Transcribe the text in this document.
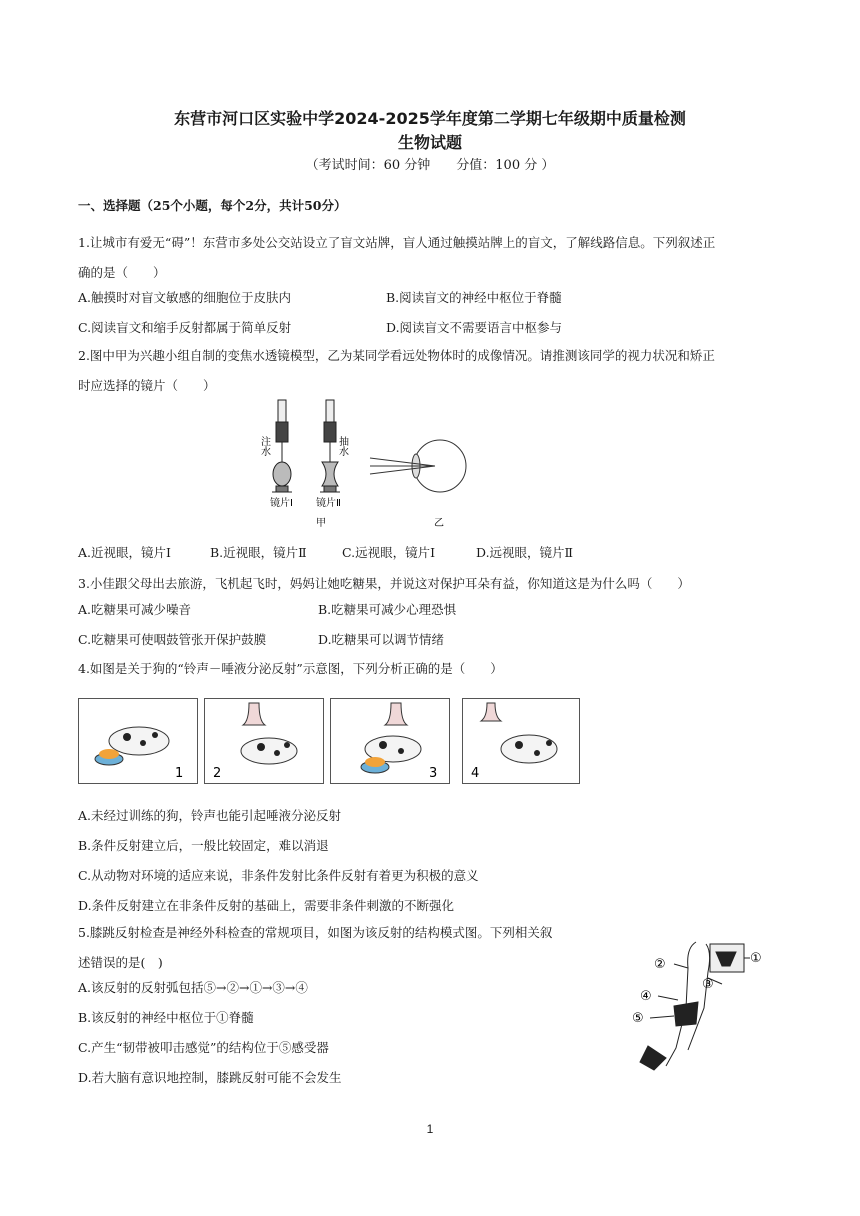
东营市河口区实验中学2024-2025学年度第二学期七年级期中质量检测
生物试题
（考试时间：60 分钟　　分值：100 分 ）
一、选择题（25个小题，每个2分，共计50分）
1.让城市有爱无“碍”！东营市多处公交站设立了盲文站牌，盲人通过触摸站牌上的盲文，了解线路信息。下列叙述正
确的是（　　）
A.触摸时对盲文敏感的细胞位于皮肤内	B.阅读盲文的神经中枢位于脊髓
C.阅读盲文和缩手反射都属于简单反射	D.阅读盲文不需要语言中枢参与
2.图中甲为兴趣小组自制的变焦水透镜模型，乙为某同学看远处物体时的成像情况。请推测该同学的视力状况和矫正
时应选择的镜片（　　）
注水	抽水
镜片Ⅰ 镜片Ⅱ
甲	乙
A.近视眼，镜片Ⅰ	B.近视眼，镜片Ⅱ	C.远视眼，镜片Ⅰ	D.远视眼，镜片Ⅱ
3.小佳跟父母出去旅游，飞机起飞时，妈妈让她吃糖果，并说这对保护耳朵有益，你知道这是为什么吗（　　）
A.吃糖果可减少噪音	B.吃糖果可减少心理恐惧
C.吃糖果可使咽鼓管张开保护鼓膜	D.吃糖果可以调节情绪
4.如图是关于狗的“铃声－唾液分泌反射”示意图，下列分析正确的是（　　）
1 2	3	4
A.未经过训练的狗，铃声也能引起唾液分泌反射
B.条件反射建立后，一般比较固定，难以消退
C.从动物对环境的适应来说，非条件发射比条件反射有着更为积极的意义
D.条件反射建立在非条件反射的基础上，需要非条件刺激的不断强化
5.膝跳反射检查是神经外科检查的常规项目，如图为该反射的结构模式图。下列相关叙
述错误的是(　)
A.该反射的反射弧包括⑤→②→①→③→④
B.该反射的神经中枢位于①脊髓
C.产生“韧带被叩击感觉”的结构位于⑤感受器
D.若大脑有意识地控制，膝跳反射可能不会发生
①
②
③
④
⑤
1
